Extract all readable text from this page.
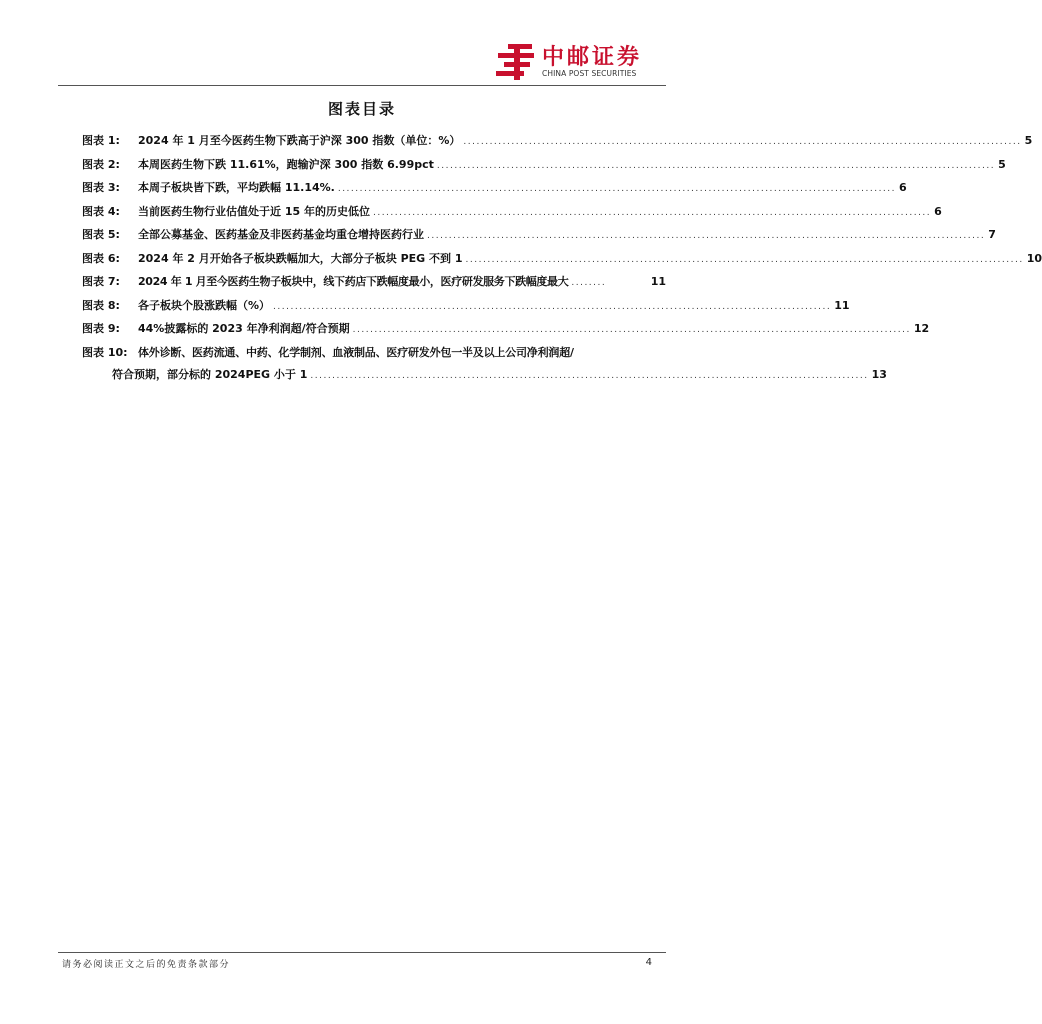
中邮证券
CHINA POST SECURITIES
图表目录
图表 1:	2024 年 1 月至今医药生物下跌高于沪深 300 指数（单位：%） ................................................................................................................................ 5
图表 2:	本周医药生物下跌 11.61%，跑输沪深 300 指数 6.99pct ................................................................................................................................ 5
图表 3:	本周子板块皆下跌，平均跌幅 11.14%. ................................................................................................................................ 6
图表 4:	当前医药生物行业估值处于近 15 年的历史低位 ................................................................................................................................ 6
图表 5:	全部公募基金、医药基金及非医药基金均重仓增持医药行业 ................................................................................................................................ 7
图表 6:	2024 年 2 月开始各子板块跌幅加大，大部分子板块 PEG 不到 1 ................................................................................................................................ 10
图表 7:	2024 年 1 月至今医药生物子板块中，线下药店下跌幅度最小，医疗研发服务下跌幅度最大 ........	11
图表 8:	各子板块个股涨跌幅（%） ................................................................................................................................ 11
图表 9:	44%披露标的 2023 年净利润超/符合预期 ................................................................................................................................ 12
图表 10: 体外诊断、医药流通、中药、化学制剂、血液制品、医疗研发外包一半及以上公司净利润超/
符合预期，部分标的 2024PEG 小于 1 ................................................................................................................................ 13
请务必阅读正文之后的免责条款部分	4
